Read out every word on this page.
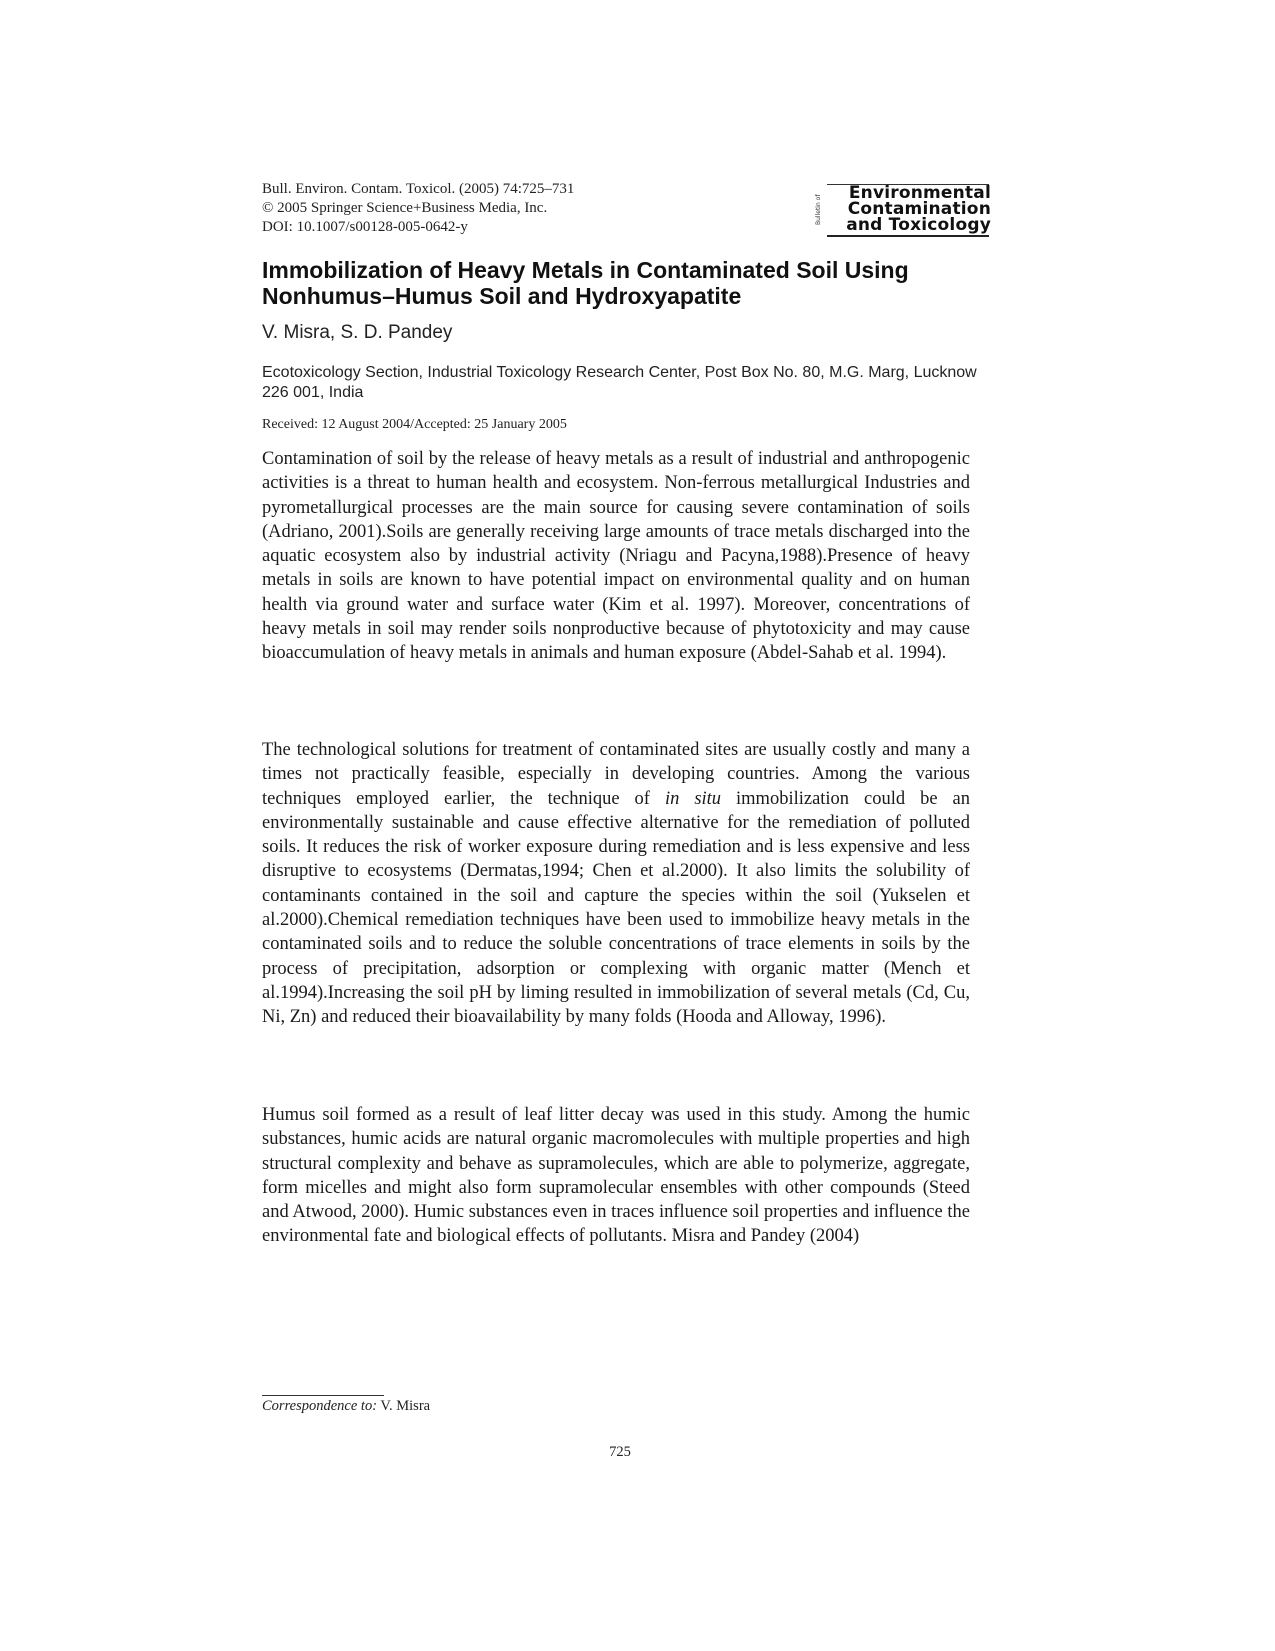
Bull. Environ. Contam. Toxicol. (2005) 74:725–731
© 2005 Springer Science+Business Media, Inc.
DOI: 10.1007/s00128-005-0642-y
Bulletin of
Environmental
Contamination
and Toxicology
Immobilization of Heavy Metals in Contaminated Soil Using Nonhumus–Humus Soil and Hydroxyapatite
V. Misra, S. D. Pandey
Ecotoxicology Section, Industrial Toxicology Research Center, Post Box No. 80, M.G. Marg, Lucknow 226 001, India
Received: 12 August 2004/Accepted: 25 January 2005
Contamination of soil by the release of heavy metals as a result of industrial and anthropogenic activities is a threat to human health and ecosystem. Non-ferrous metallurgical Industries and pyrometallurgical processes are the main source for causing severe contamination of soils (Adriano, 2001).Soils are generally receiving large amounts of trace metals discharged into the aquatic ecosystem also by industrial activity (Nriagu and Pacyna,1988).Presence of heavy metals in soils are known to have potential impact on environmental quality and on human health via ground water and surface water (Kim et al. 1997). Moreover, concentrations of heavy metals in soil may render soils nonproductive because of phytotoxicity and may cause bioaccumulation of heavy metals in animals and human exposure (Abdel-Sahab et al. 1994).
The technological solutions for treatment of contaminated sites are usually costly and many a times not practically feasible, especially in developing countries. Among the various techniques employed earlier, the technique of in situ immobilization could be an environmentally sustainable and cause effective alternative for the remediation of polluted soils. It reduces the risk of worker exposure during remediation and is less expensive and less disruptive to ecosystems (Dermatas,1994; Chen et al.2000). It also limits the solubility of contaminants contained in the soil and capture the species within the soil (Yukselen et al.2000).Chemical remediation techniques have been used to immobilize heavy metals in the contaminated soils and to reduce the soluble concentrations of trace elements in soils by the process of precipitation, adsorption or complexing with organic matter (Mench et al.1994).Increasing the soil pH by liming resulted in immobilization of several metals (Cd, Cu, Ni, Zn) and reduced their bioavailability by many folds (Hooda and Alloway, 1996).
Humus soil formed as a result of leaf litter decay was used in this study. Among the humic substances, humic acids are natural organic macromolecules with multiple properties and high structural complexity and behave as supramolecules, which are able to polymerize, aggregate, form micelles and might also form supramolecular ensembles with other compounds (Steed and Atwood, 2000). Humic substances even in traces influence soil properties and influence the environmental fate and biological effects of pollutants. Misra and Pandey (2004)
Correspondence to: V. Misra
725
